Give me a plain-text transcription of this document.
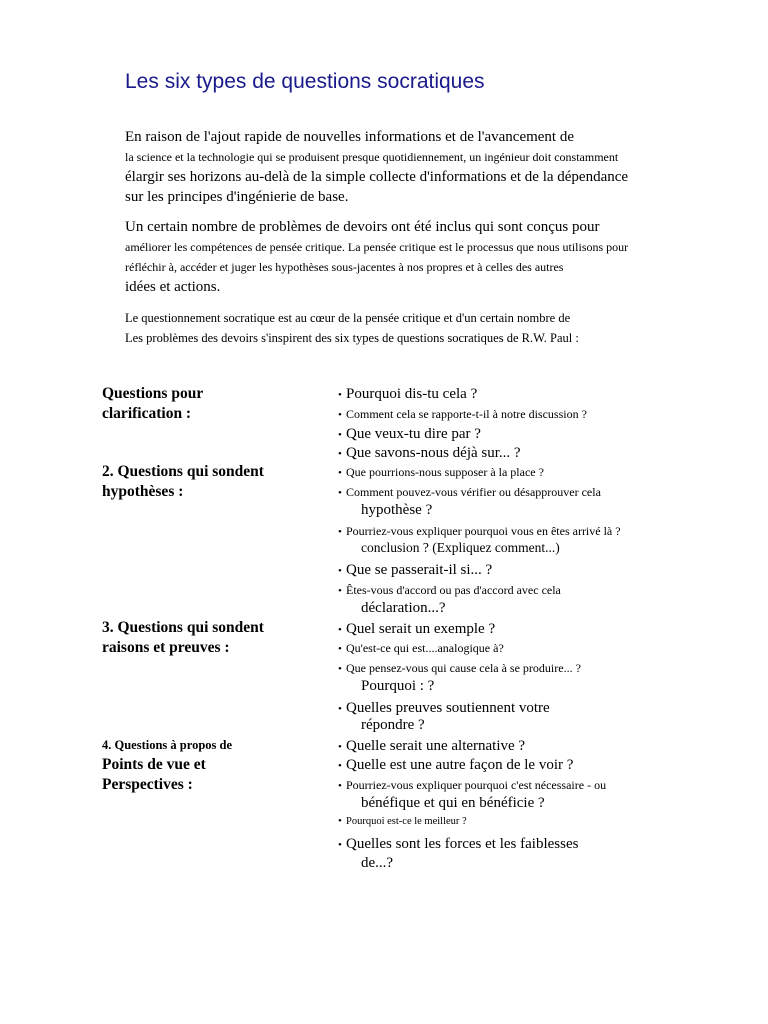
Les six types de questions socratiques
En raison de l'ajout rapide de nouvelles informations et de l'avancement de
la science et la technologie qui se produisent presque quotidiennement, un ingénieur doit constamment
élargir ses horizons au-delà de la simple collecte d'informations et de la dépendance
sur les principes d'ingénierie de base.
Un certain nombre de problèmes de devoirs ont été inclus qui sont conçus pour
améliorer les compétences de pensée critique. La pensée critique est le processus que nous utilisons pour
réfléchir à, accéder et juger les hypothèses sous-jacentes à nos propres et à celles des autres
idées et actions.
Le questionnement socratique est au cœur de la pensée critique et d'un certain nombre de
Les problèmes des devoirs s'inspirent des six types de questions socratiques de R.W. Paul :
Questions pour
clarification :
2. Questions qui sondent
hypothèses :
3. Questions qui sondent
raisons et preuves :
4. Questions à propos de
Points de vue et
Perspectives :
• Pourquoi dis-tu cela ?
• Comment cela se rapporte-t-il à notre discussion ?
• Que veux-tu dire par ?
• Que savons-nous déjà sur... ?
• Que pourrions-nous supposer à la place ?
• Comment pouvez-vous vérifier ou désapprouver cela
hypothèse ?
• Pourriez-vous expliquer pourquoi vous en êtes arrivé là ?
conclusion ? (Expliquez comment...)
• Que se passerait-il si... ?
• Êtes-vous d'accord ou pas d'accord avec cela
déclaration...?
• Quel serait un exemple ?
• Qu'est-ce qui est....analogique à?
• Que pensez-vous qui cause cela à se produire... ?
Pourquoi : ?
• Quelles preuves soutiennent votre
répondre ?
• Quelle serait une alternative ?
• Quelle est une autre façon de le voir ?
• Pourriez-vous expliquer pourquoi c'est nécessaire - ou
bénéfique et qui en bénéficie ?
• Pourquoi est-ce le meilleur ?
• Quelles sont les forces et les faiblesses
de...?
